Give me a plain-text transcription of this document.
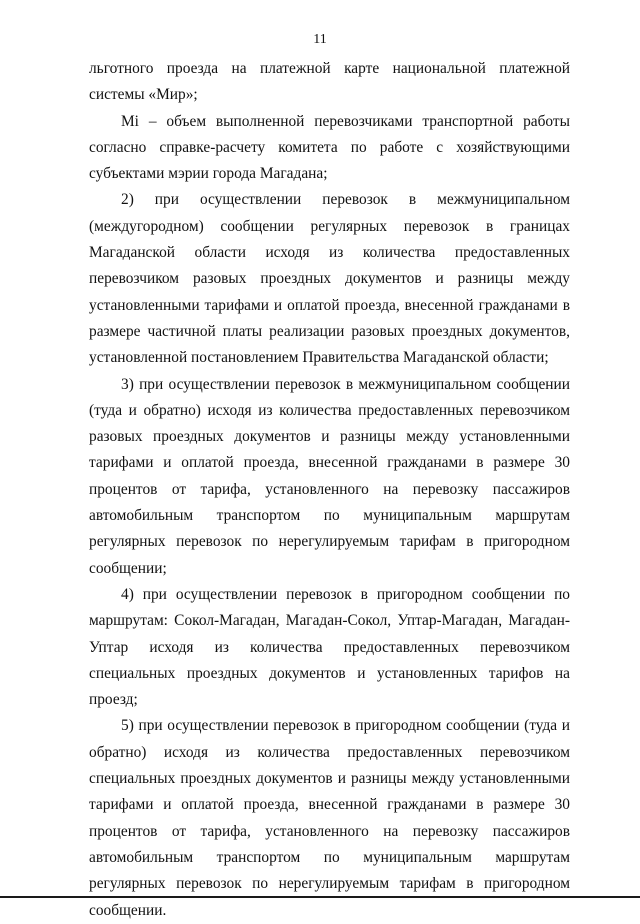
11

льготного проезда на платежной карте национальной платежной системы «Мир»;

Mi – объем выполненной перевозчиками транспортной работы согласно справке-расчету комитета по работе с хозяйствующими субъектами мэрии города Магадана;

2) при осуществлении перевозок в межмуниципальном (междугородном) сообщении регулярных перевозок в границах Магаданской области исходя из количества предоставленных перевозчиком разовых проездных документов и разницы между установленными тарифами и оплатой проезда, внесенной гражданами в размере частичной платы реализации разовых проездных документов, установленной постановлением Правительства Магаданской области;

3) при осуществлении перевозок в межмуниципальном сообщении (туда и обратно) исходя из количества предоставленных перевозчиком разовых проездных документов и разницы между установленными тарифами и оплатой проезда, внесенной гражданами в размере 30 процентов от тарифа, установленного на перевозку пассажиров автомобильным транспортом по муниципальным маршрутам регулярных перевозок по нерегулируемым тарифам в пригородном сообщении;

4) при осуществлении перевозок в пригородном сообщении по маршрутам: Сокол-Магадан, Магадан-Сокол, Уптар-Магадан, Магадан-Уптар исходя из количества предоставленных перевозчиком специальных проездных документов и установленных тарифов на проезд;

5) при осуществлении перевозок в пригородном сообщении (туда и обратно) исходя из количества предоставленных перевозчиком специальных проездных документов и разницы между установленными тарифами и оплатой проезда, внесенной гражданами в размере 30 процентов от тарифа, установленного на перевозку пассажиров автомобильным транспортом по муниципальным маршрутам регулярных перевозок по нерегулируемым тарифам в пригородном сообщении.
